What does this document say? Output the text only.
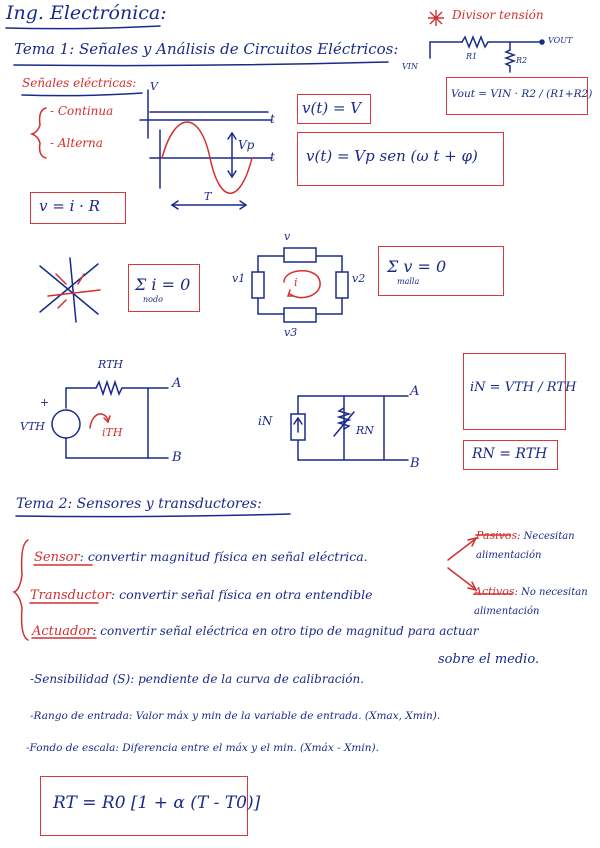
Ing. Electrónica:	Divisor tensión
VIN
R1	R2
VOUT
Vout = VIN · R2 / (R1+R2)
Tema 1: Señales y Análisis de Circuitos Eléctricos:
Señales eléctricas:
- Continua
- Alterna
V
t
t
Vp
T
v(t) = V
v(t) = Vp sen (ω t + φ)
v = i · R
Σ i = 0
nodo
v
v1	v2
v3
i
Σ v = 0
malla
RTH
A
B
+
VTH	iTH
iN
RN
A
B
iN = VTH / RTH
RN = RTH
Tema 2: Sensores y transductores:
Sensor: convertir magnitud física en señal eléctrica.
Transductor: convertir señal física en otra entendible
Actuador: convertir señal eléctrica en otro tipo de magnitud para actuar
sobre el medio.
Pasivos: Necesitan alimentación
Activos: No necesitan alimentación
-Sensibilidad (S): pendiente de la curva de calibración.
-Rango de entrada: Valor máx y min de la variable de entrada. (Xmax, Xmin).
-Fondo de escala: Diferencia entre el máx y el min. (Xmáx - Xmin).
RT = R0 [1 + α (T - T0)]
